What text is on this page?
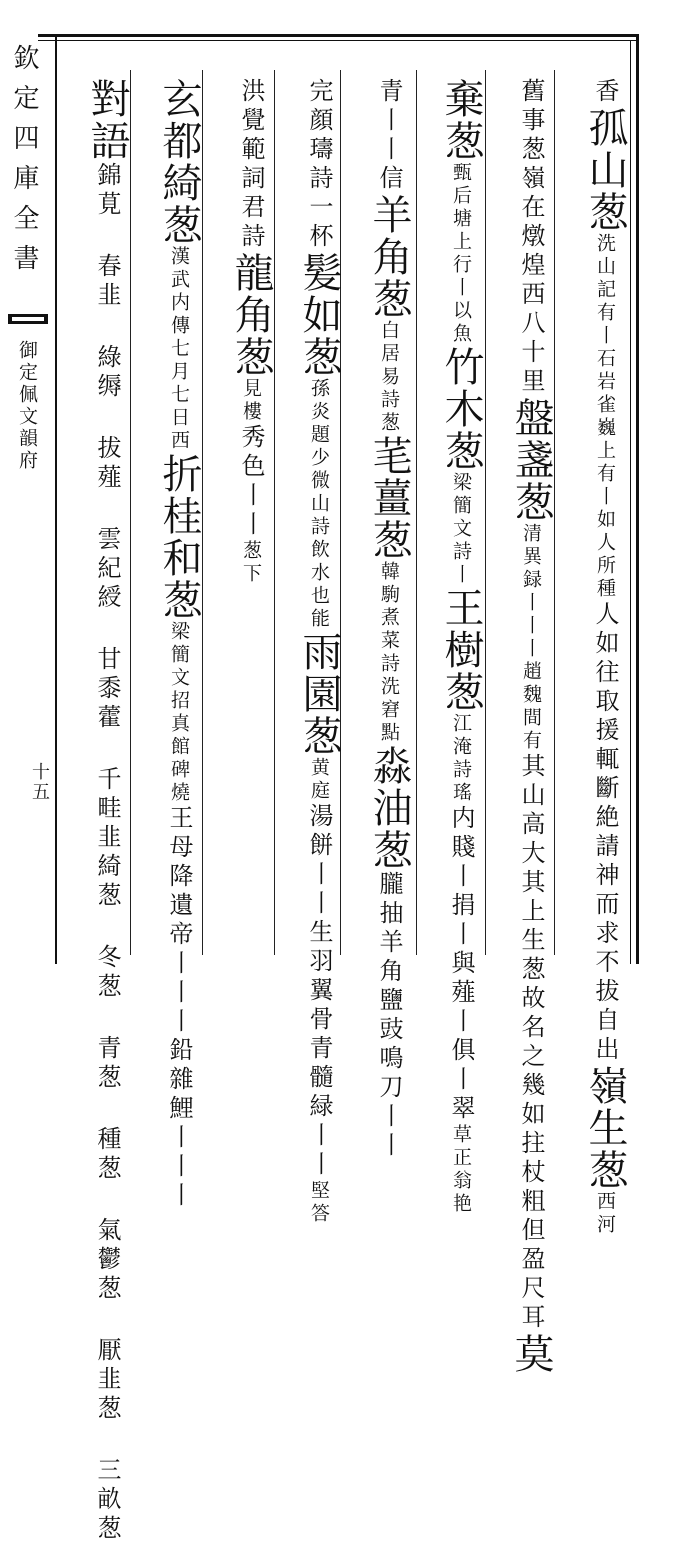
欽定四庫全書
御定佩文韻府
十五
香孤山葱洗山記有丨石岩雀巍上有丨如人所種人如往取援輒斷絶請神而求不拔自出嶺生葱西河
舊事葱嶺在燉煌西八十里盤盞葱清異録丨丨丨趙魏間有其山高大其上生葱故名之幾如拄杖粗但盈尺耳莫
棄葱甄后塘上行丨以魚竹木葱梁簡文詩丨王樹葱江淹詩瑤内賤丨捐丨與薤丨俱丨翠草正翁艳
青丨丨信羊角葱白居易詩葱芼薑葱韓駒煮菜詩洗窘點淼油葱朧抽羊角鹽豉鳴刀丨丨
完顔璹詩一杯髪如葱孫炎題少微山詩飲水也能雨園葱黄庭湯餅丨丨生羽翼骨青髓緑丨丨堅答
洪覺範詞君詩龍角葱見樓秀色丨丨葱下
玄都綺葱漢武内傳七月七日西折桂和葱梁簡文招真館碑燒王母降遺帝丨丨丨鉛雜鯉丨丨丨
對語錦莧 春韭 綠缛 拔薤 雲紀綬 甘黍藿 千畦韭綺葱 冬葱 青葱 種葱 氣鬱葱 厭韭葱 三畝葱
